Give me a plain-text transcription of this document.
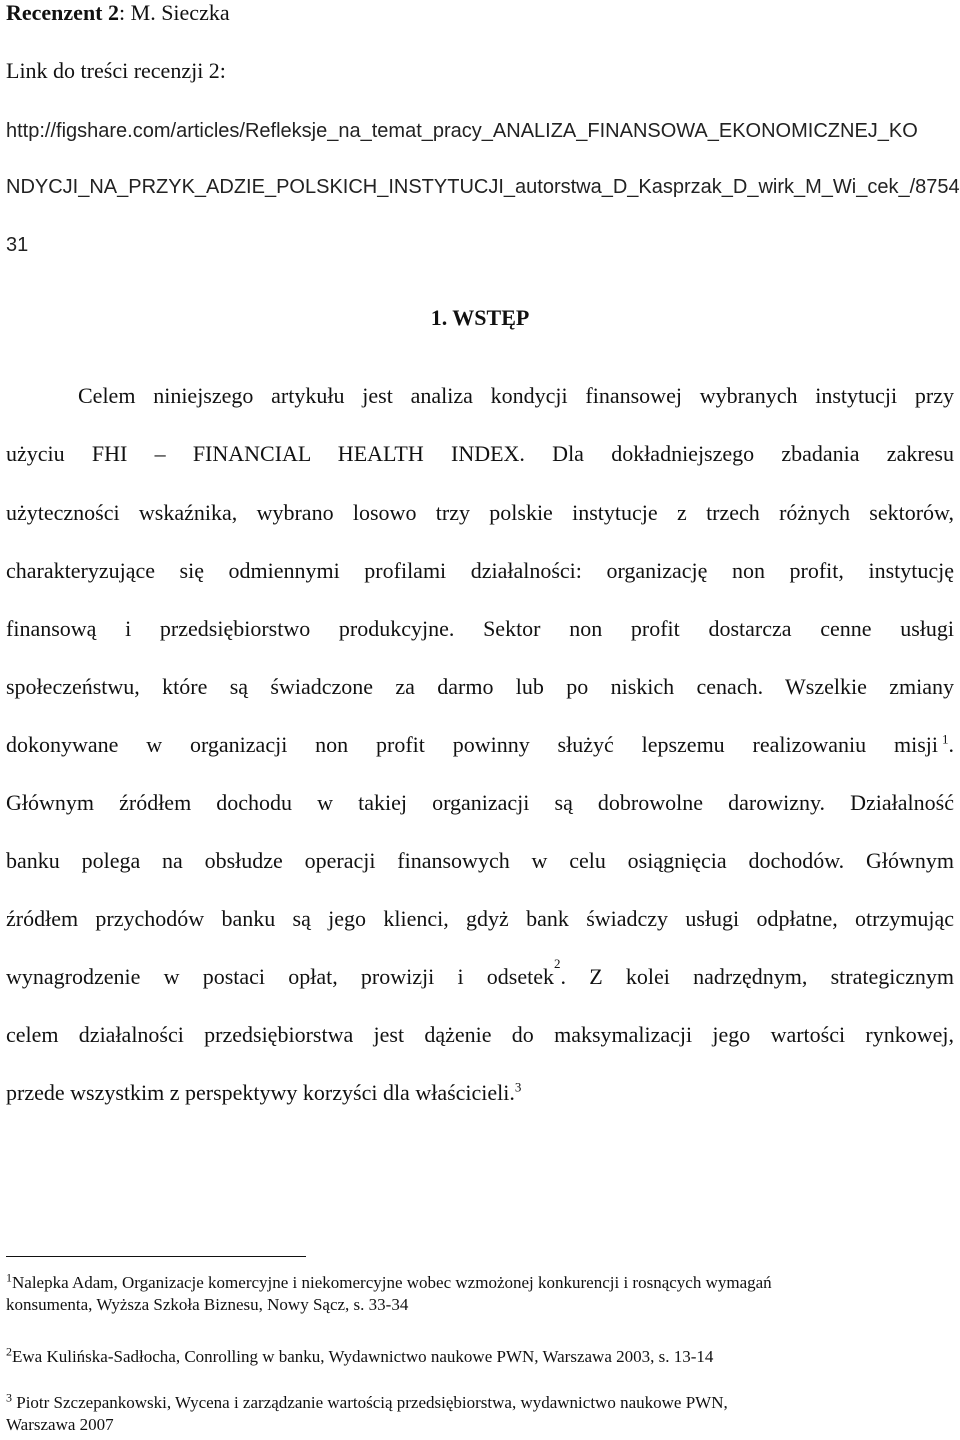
Recenzent 2: M. Sieczka
Link do treści recenzji 2:
http://figshare.com/articles/Refleksje_na_temat_pracy_ANALIZA_FINANSOWA_EKONOMICZNEJ_KO
NDYCJI_NA_PRZYK_ADZIE_POLSKICH_INSTYTUCJI_autorstwa_D_Kasprzak_D_wirk_M_Wi_cek_/8754
31
1. WSTĘP
Celem niniejszego artykułu jest analiza kondycji finansowej wybranych instytucji przy
użyciu FHI – FINANCIAL HEALTH INDEX. Dla dokładniejszego zbadania zakresu
użyteczności wskaźnika, wybrano losowo trzy polskie instytucje z trzech różnych sektorów,
charakteryzujące się odmiennymi profilami działalności: organizację non profit, instytucję
finansową i przedsiębiorstwo produkcyjne. Sektor non profit dostarcza cenne usługi
społeczeństwu, które są świadczone za darmo lub po niskich cenach. Wszelkie zmiany
dokonywane w organizacji non profit powinny służyć lepszemu realizowaniu misji $^1$.
Głównym źródłem dochodu w takiej organizacji są dobrowolne darowizny. Działalność
banku polega na obsłudze operacji finansowych w celu osiągnięcia dochodów. Głównym
źródłem przychodów banku są jego klienci, gdyż bank świadczy usługi odpłatne, otrzymując
wynagrodzenie w postaci opłat, prowizji i odsetek
2
. Z kolei nadrzędnym, strategicznym
celem działalności przedsiębiorstwa jest dążenie do maksymalizacji jego wartości rynkowej,
przede wszystkim z perspektywy korzyści dla właścicieli.$^3$
$^1$Nalepka Adam, Organizacje komercyjne i niekomercyjne wobec wzmożonej konkurencji i rosnących wymagań
konsumenta, Wyższa Szkoła Biznesu, Nowy Sącz, s. 33-34
$^2$Ewa Kulińska-Sadłocha, Conrolling w banku, Wydawnictwo naukowe PWN, Warszawa 2003, s. 13-14
$^3$ Piotr Szczepankowski, Wycena i zarządzanie wartością przedsiębiorstwa, wydawnictwo naukowe PWN,
Warszawa 2007
